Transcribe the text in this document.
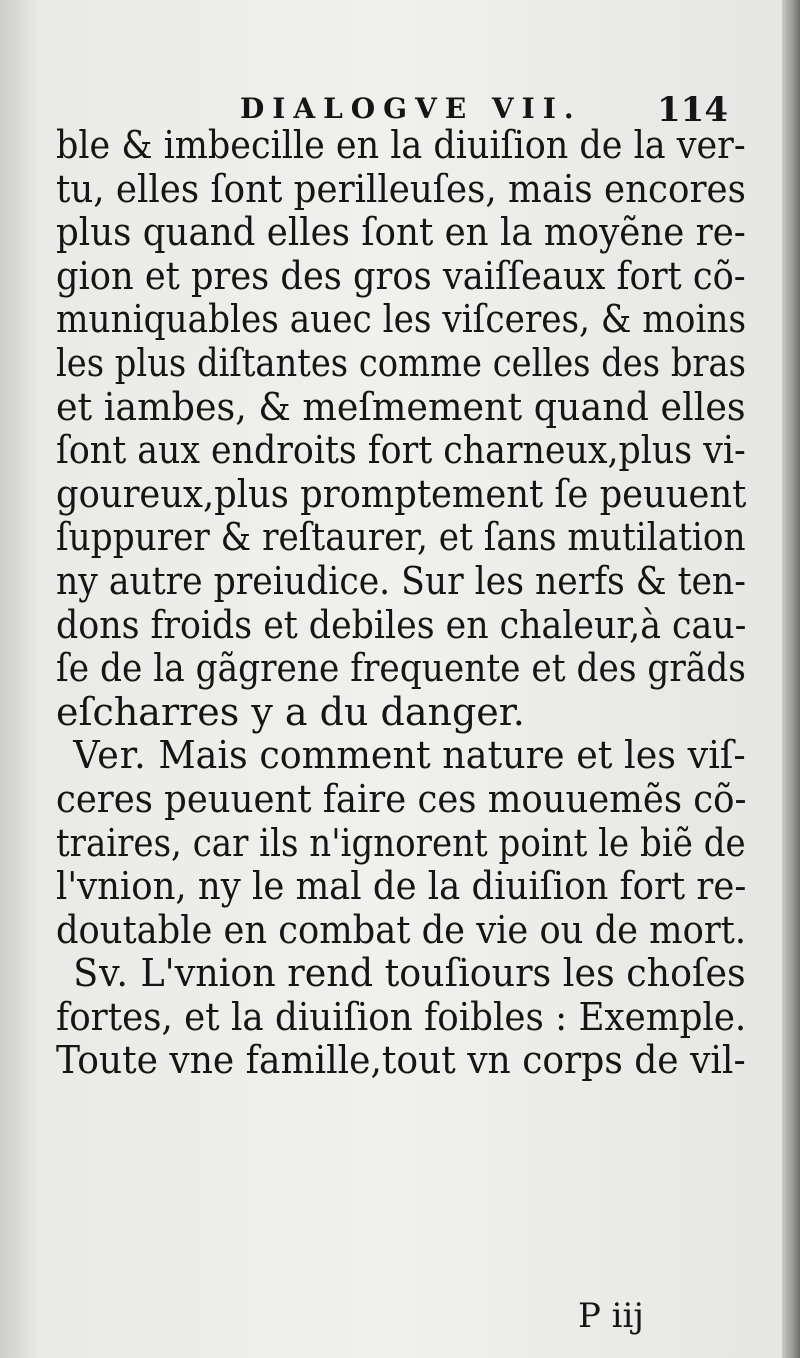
DIALOGVE VII. 114
ble & imbecille en la diuiſion de la ver-
tu, elles ſont perilleuſes, mais encores
plus quand elles ſont en la moyẽne re-
gion et pres des gros vaiſſeaux fort cõ-
muniquables auec les viſceres, & moins
les plus diſtantes comme celles des bras
et iambes, & meſmement quand elles
ſont aux endroits fort charneux,plus vi-
goureux,plus promptement ſe peuuent
ſuppurer & reſtaurer, et ſans mutilation
ny autre preiudice. Sur les nerfs & ten-
dons froids et debiles en chaleur,à cau-
ſe de la gãgrene frequente et des grãds
eſcharres y a du danger.
Ver. Mais comment nature et les viſ-
ceres peuuent faire ces mouuemẽs cõ-
traires, car ils n'ignorent point le biẽ de
l'vnion, ny le mal de la diuiſion fort re-
doutable en combat de vie ou de mort.
Sv. L'vnion rend touſiours les choſes
fortes, et la diuiſion foibles : Exemple.
Toute vne famille,tout vn corps de vil-
P iij
